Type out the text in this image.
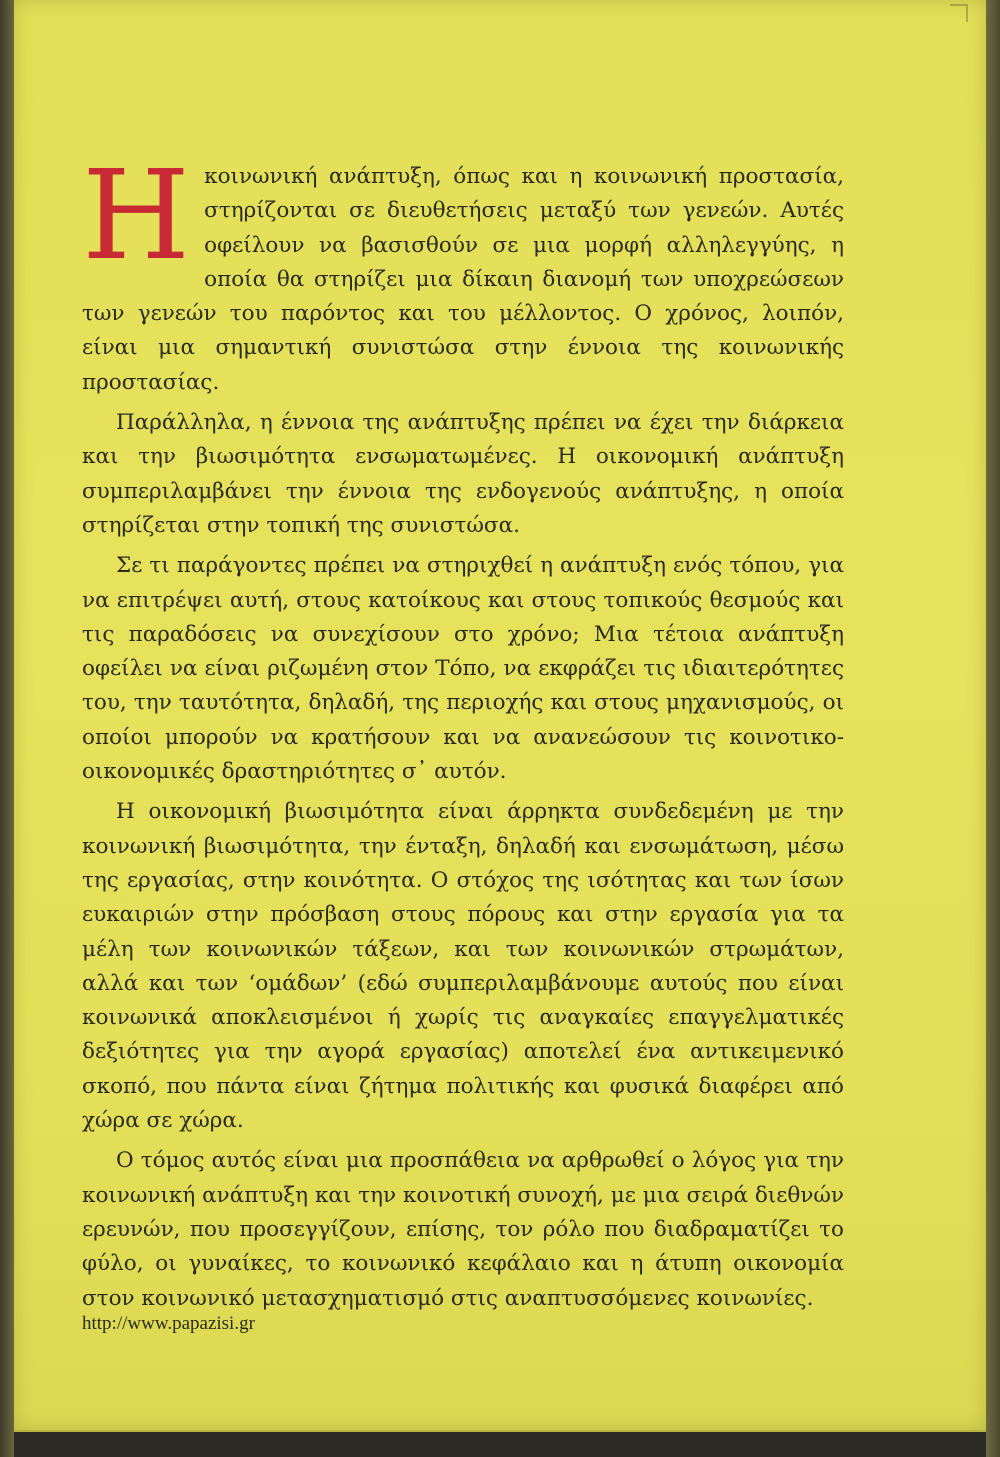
Ηκοινωνική ανάπτυξη, όπως και η κοινωνική προστασία, στηρίζονται σε διευθετήσεις μεταξύ των γενεών. Αυτές οφείλουν να βασισθούν σε μια μορφή αλληλεγγύης, η οποία θα στηρίζει μια δίκαιη διανομή των υποχρεώσεων των γενεών του παρόντος και του μέλλοντος. Ο χρόνος, λοιπόν, είναι μια σημαντική συνιστώσα στην έννοια της κοινωνικής προστασίας.

Παράλληλα, η έννοια της ανάπτυξης πρέπει να έχει την διάρκεια και την βιωσιμότητα ενσωματωμένες. Η οικονομική ανάπτυξη συμπεριλαμβάνει την έννοια της ενδογενούς ανάπτυξης, η οποία στηρίζεται στην τοπική της συνιστώσα.

Σε τι παράγοντες πρέπει να στηριχθεί η ανάπτυξη ενός τόπου, για να επιτρέψει αυτή, στους κατοίκους και στους τοπικούς θεσμούς και τις παραδόσεις να συνεχίσουν στο χρόνο; Μια τέτοια ανάπτυξη οφείλει να είναι ριζωμένη στον Τόπο, να εκφράζει τις ιδιαιτερότητες του, την ταυτότητα, δηλαδή, της περιοχής και στους μηχανισμούς, οι οποίοι μπορούν να κρατήσουν και να ανανεώσουν τις κοινοτικο-οικονομικές δραστηριότητες σ᾽ αυτόν.

Η οικονομική βιωσιμότητα είναι άρρηκτα συνδεδεμένη με την κοινωνική βιωσιμότητα, την ένταξη, δηλαδή και ενσωμάτωση, μέσω της εργασίας, στην κοινότητα. Ο στόχος της ισότητας και των ίσων ευκαιριών στην πρόσβαση στους πόρους και στην εργασία για τα μέλη των κοινωνικών τάξεων, και των κοινωνικών στρωμάτων, αλλά και των ‘ομάδων’ (εδώ συμπεριλαμβάνουμε αυτούς που είναι κοινωνικά αποκλεισμένοι ή χωρίς τις αναγκαίες επαγγελματικές δεξιότητες για την αγορά εργασίας) αποτελεί ένα αντικειμενικό σκοπό, που πάντα είναι ζήτημα πολιτικής και φυσικά διαφέρει από χώρα σε χώρα.

Ο τόμος αυτός είναι μια προσπάθεια να αρθρωθεί ο λόγος για την κοινωνική ανάπτυξη και την κοινοτική συνοχή, με μια σειρά διεθνών ερευνών, που προσεγγίζουν, επίσης, τον ρόλο που διαδραματίζει το φύλο, οι γυναίκες, το κοινωνικό κεφάλαιο και η άτυπη οικονομία στον κοινωνικό μετασχηματισμό στις αναπτυσσόμενες κοινωνίες.

http://www.papazisi.gr
